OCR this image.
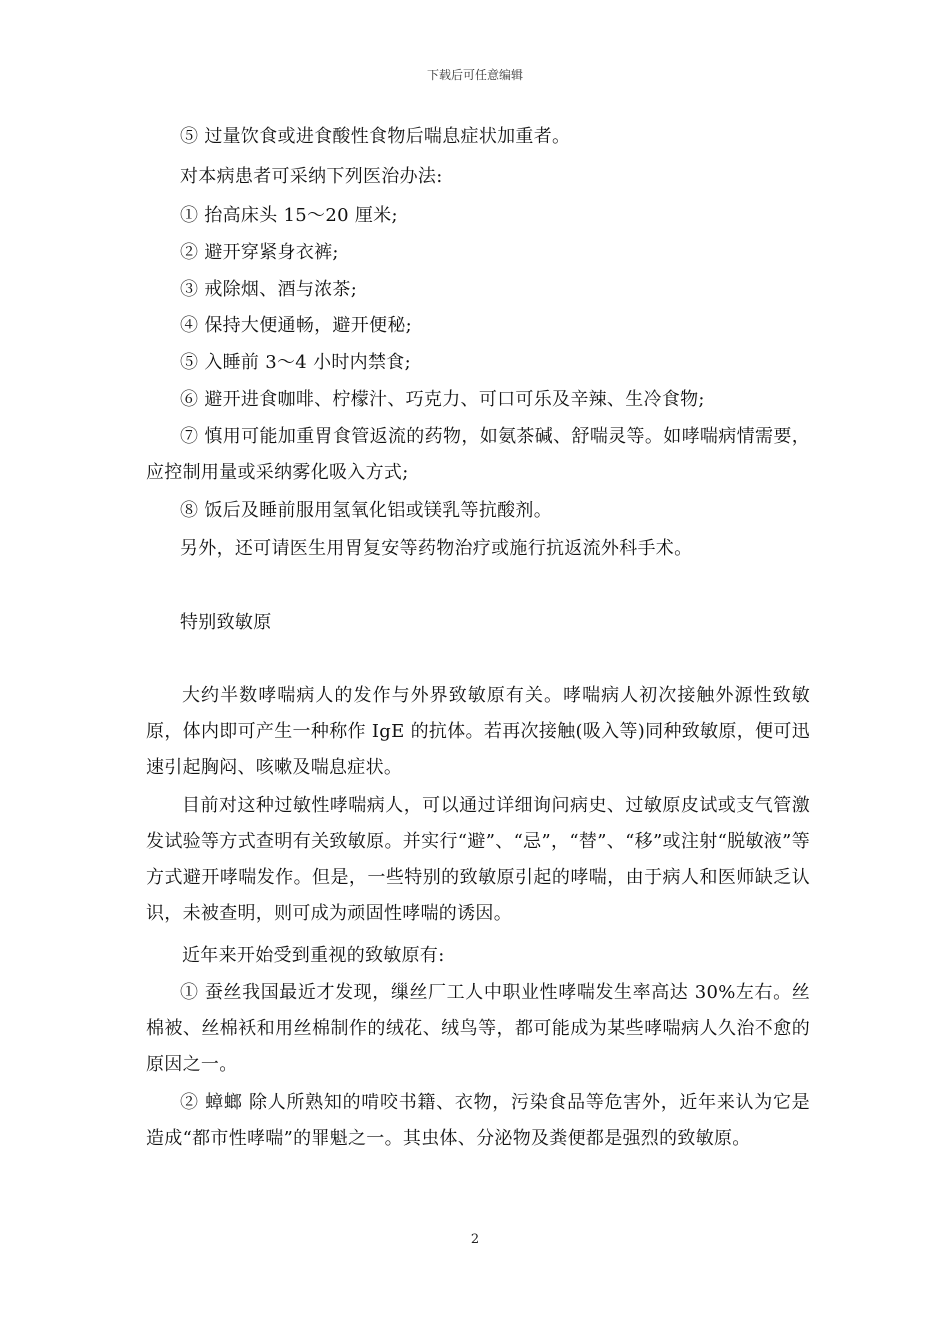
下载后可任意编辑
⑤ 过量饮食或进食酸性食物后喘息症状加重者。
对本病患者可采纳下列医治办法:
① 抬高床头 15～20 厘米;
② 避开穿紧身衣裤;
③ 戒除烟、酒与浓茶;
④ 保持大便通畅，避开便秘;
⑤ 入睡前 3～4 小时内禁食;
⑥ 避开进食咖啡、柠檬汁、巧克力、可口可乐及辛辣、生冷食物;
⑦ 慎用可能加重胃食管返流的药物，如氨茶碱、舒喘灵等。如哮喘病情需要，应控制用量或采纳雾化吸入方式;
⑧ 饭后及睡前服用氢氧化铝或镁乳等抗酸剂。
另外，还可请医生用胃复安等药物治疗或施行抗返流外科手术。
特别致敏原
大约半数哮喘病人的发作与外界致敏原有关。哮喘病人初次接触外源性致敏原，体内即可产生一种称作 IgE 的抗体。若再次接触(吸入等)同种致敏原，便可迅速引起胸闷、咳嗽及喘息症状。
目前对这种过敏性哮喘病人，可以通过详细询问病史、过敏原皮试或支气管激发试验等方式查明有关致敏原。并实行“避”、“忌”，“替”、“移”或注射“脱敏液”等方式避开哮喘发作。但是，一些特别的致敏原引起的哮喘，由于病人和医师缺乏认识，未被查明，则可成为顽固性哮喘的诱因。
近年来开始受到重视的致敏原有:
① 蚕丝我国最近才发现，缫丝厂工人中职业性哮喘发生率高达 30%左右。丝棉被、丝棉袄和用丝棉制作的绒花、绒鸟等，都可能成为某些哮喘病人久治不愈的原因之一。
② 蟑螂 除人所熟知的啃咬书籍、衣物，污染食品等危害外，近年来认为它是造成“都市性哮喘”的罪魁之一。其虫体、分泌物及粪便都是强烈的致敏原。
2
